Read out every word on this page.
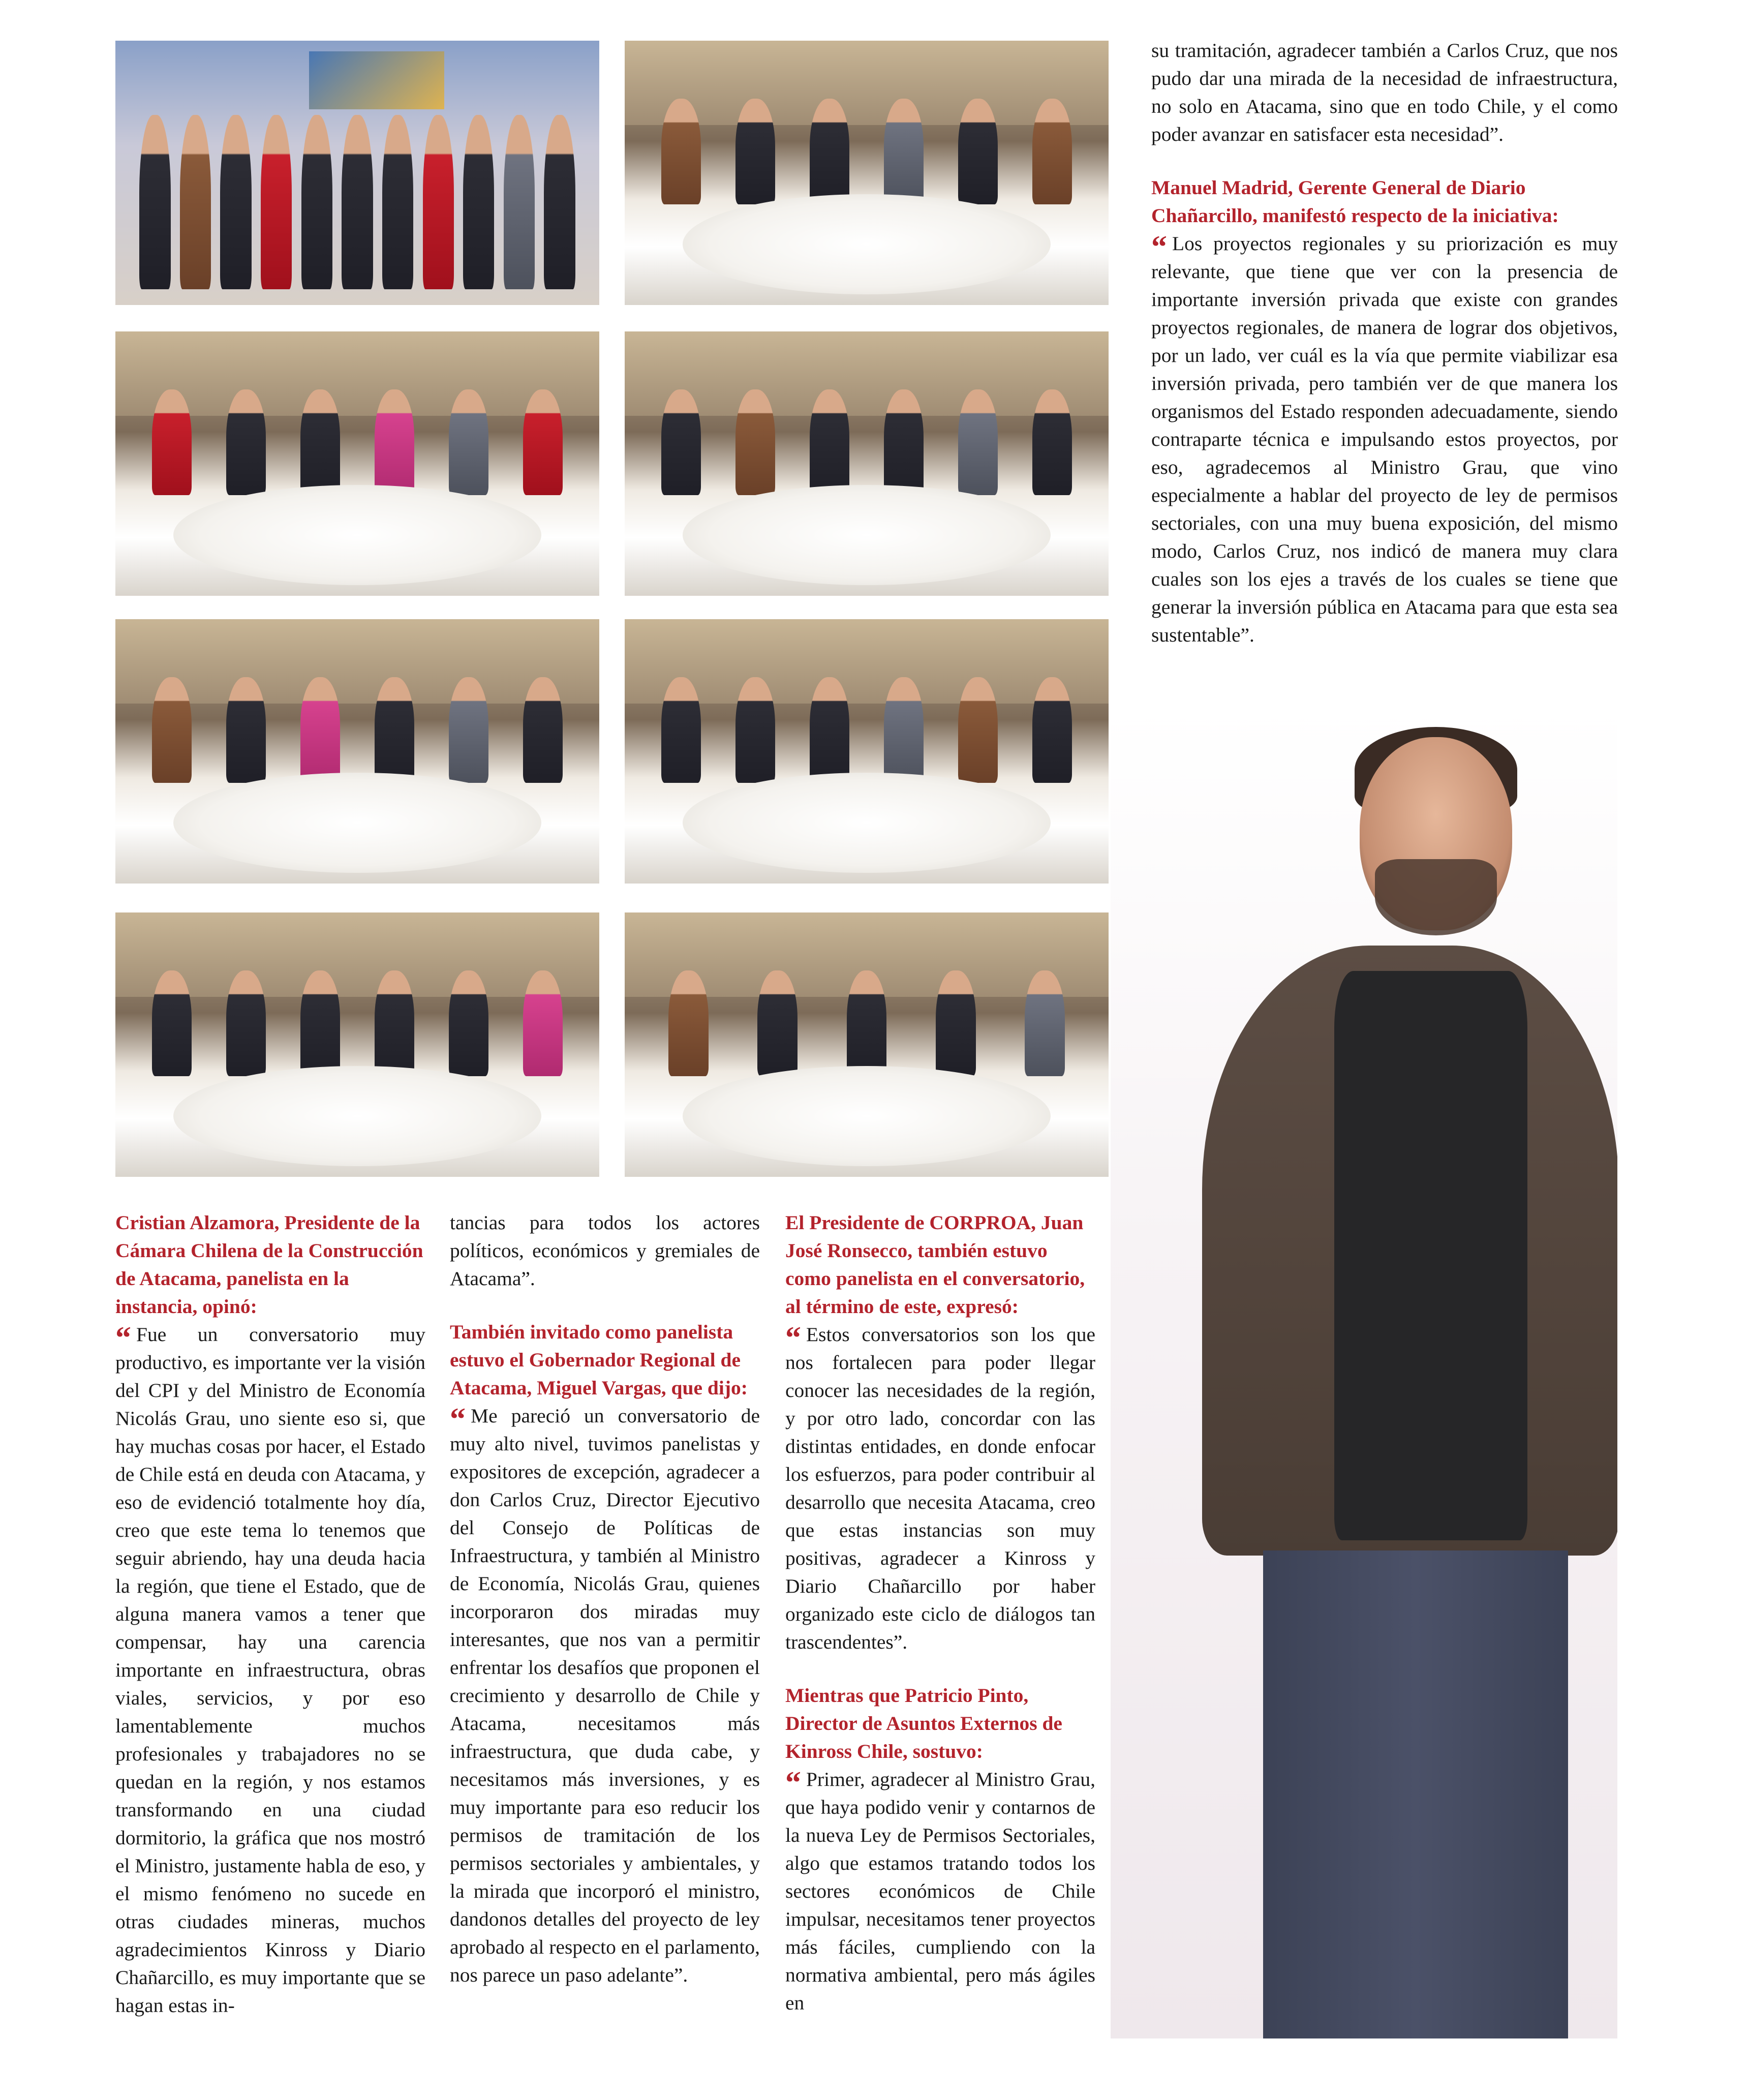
su tramitación, agradecer también a Carlos Cruz, que nos pudo dar una mirada de la necesidad de infraestructura, no solo en Atacama, sino que en todo Chile, y el como poder avanzar en satisfacer esta necesidad”.

Manuel Madrid, Gerente General de Diario Chañarcillo, manifestó respecto de la iniciativa:

“ Los proyectos regionales y su priorización es muy relevante, que tiene que ver con la presencia de importante inversión privada que existe con grandes proyectos regionales, de manera de lograr dos objetivos, por un lado, ver cuál es la vía que permite viabilizar esa inversión privada, pero también ver de que manera los organismos del Estado responden adecuadamente, siendo contraparte técnica e impulsando estos proyectos, por eso, agradecemos al Ministro Grau, que vino especialmente a hablar del proyecto de ley de permisos sectoriales, con una muy buena exposición, del mismo modo, Carlos Cruz, nos indicó de manera muy clara cuales son los ejes a través de los cuales se tiene que generar la inversión pública en Atacama para que esta sea sustentable”.

Cristian Alzamora, Presidente de la Cámara Chilena de la Construcción de Atacama, panelista en la instancia, opinó:

“ Fue un conversatorio muy productivo, es importante ver la visión del CPI y del Ministro de Economía Nicolás Grau, uno siente eso si, que hay muchas cosas por hacer, el Estado de Chile está en deuda con Atacama, y eso de evidenció totalmente hoy día, creo que este tema lo tenemos que seguir abriendo, hay una deuda hacia la región, que tiene el Estado, que de alguna manera vamos a tener que compensar, hay una carencia importante en infraestructura, obras viales, servicios, y por eso lamentablemente muchos profesionales y trabajadores no se quedan en la región, y nos estamos transformando en una ciudad dormitorio, la gráfica que nos mostró el Ministro, justamente habla de eso, y el mismo fenómeno no sucede en otras ciudades mineras, muchos agradecimientos Kinross y Diario Chañarcillo, es muy importante que se hagan estas in-

tancias para todos los actores políticos, económicos y gremiales de Atacama”.

También invitado como panelista estuvo el Gobernador Regional de Atacama, Miguel Vargas, que dijo:

“ Me pareció un conversatorio de muy alto nivel, tuvimos panelistas y expositores de excepción, agradecer a don Carlos Cruz, Director Ejecutivo del Consejo de Políticas de Infraestructura, y también al Ministro de Economía, Nicolás Grau, quienes incorporaron dos miradas muy interesantes, que nos van a permitir enfrentar los desafíos que proponen el crecimiento y desarrollo de Chile y Atacama, necesitamos más infraestructura, que duda cabe, y necesitamos más inversiones, y es muy importante para eso reducir los permisos de tramitación de los permisos sectoriales y ambientales, y la mirada que incorporó el ministro, dandonos detalles del proyecto de ley aprobado al respecto en el parlamento, nos parece un paso adelante”.

El Presidente de CORPROA, Juan José Ronsecco, también estuvo como panelista en el conversatorio, al término de este, expresó:

“ Estos conversatorios son los que nos fortalecen para poder llegar conocer las necesidades de la región, y por otro lado, concordar con las distintas entidades, en donde enfocar los esfuerzos, para poder contribuir al desarrollo que necesita Atacama, creo que estas instancias son muy positivas, agradecer a Kinross y Diario Chañarcillo por haber organizado este ciclo de diálogos tan trascendentes”.

Mientras que Patricio Pinto, Director de Asuntos Externos de Kinross Chile, sostuvo:

“ Primer, agradecer al Ministro Grau, que haya podido venir y contarnos de la nueva Ley de Permisos Sectoriales, algo que estamos tratando todos los sectores económicos de Chile impulsar, necesitamos tener proyectos más fáciles, cumpliendo con la normativa ambiental, pero más ágiles en
